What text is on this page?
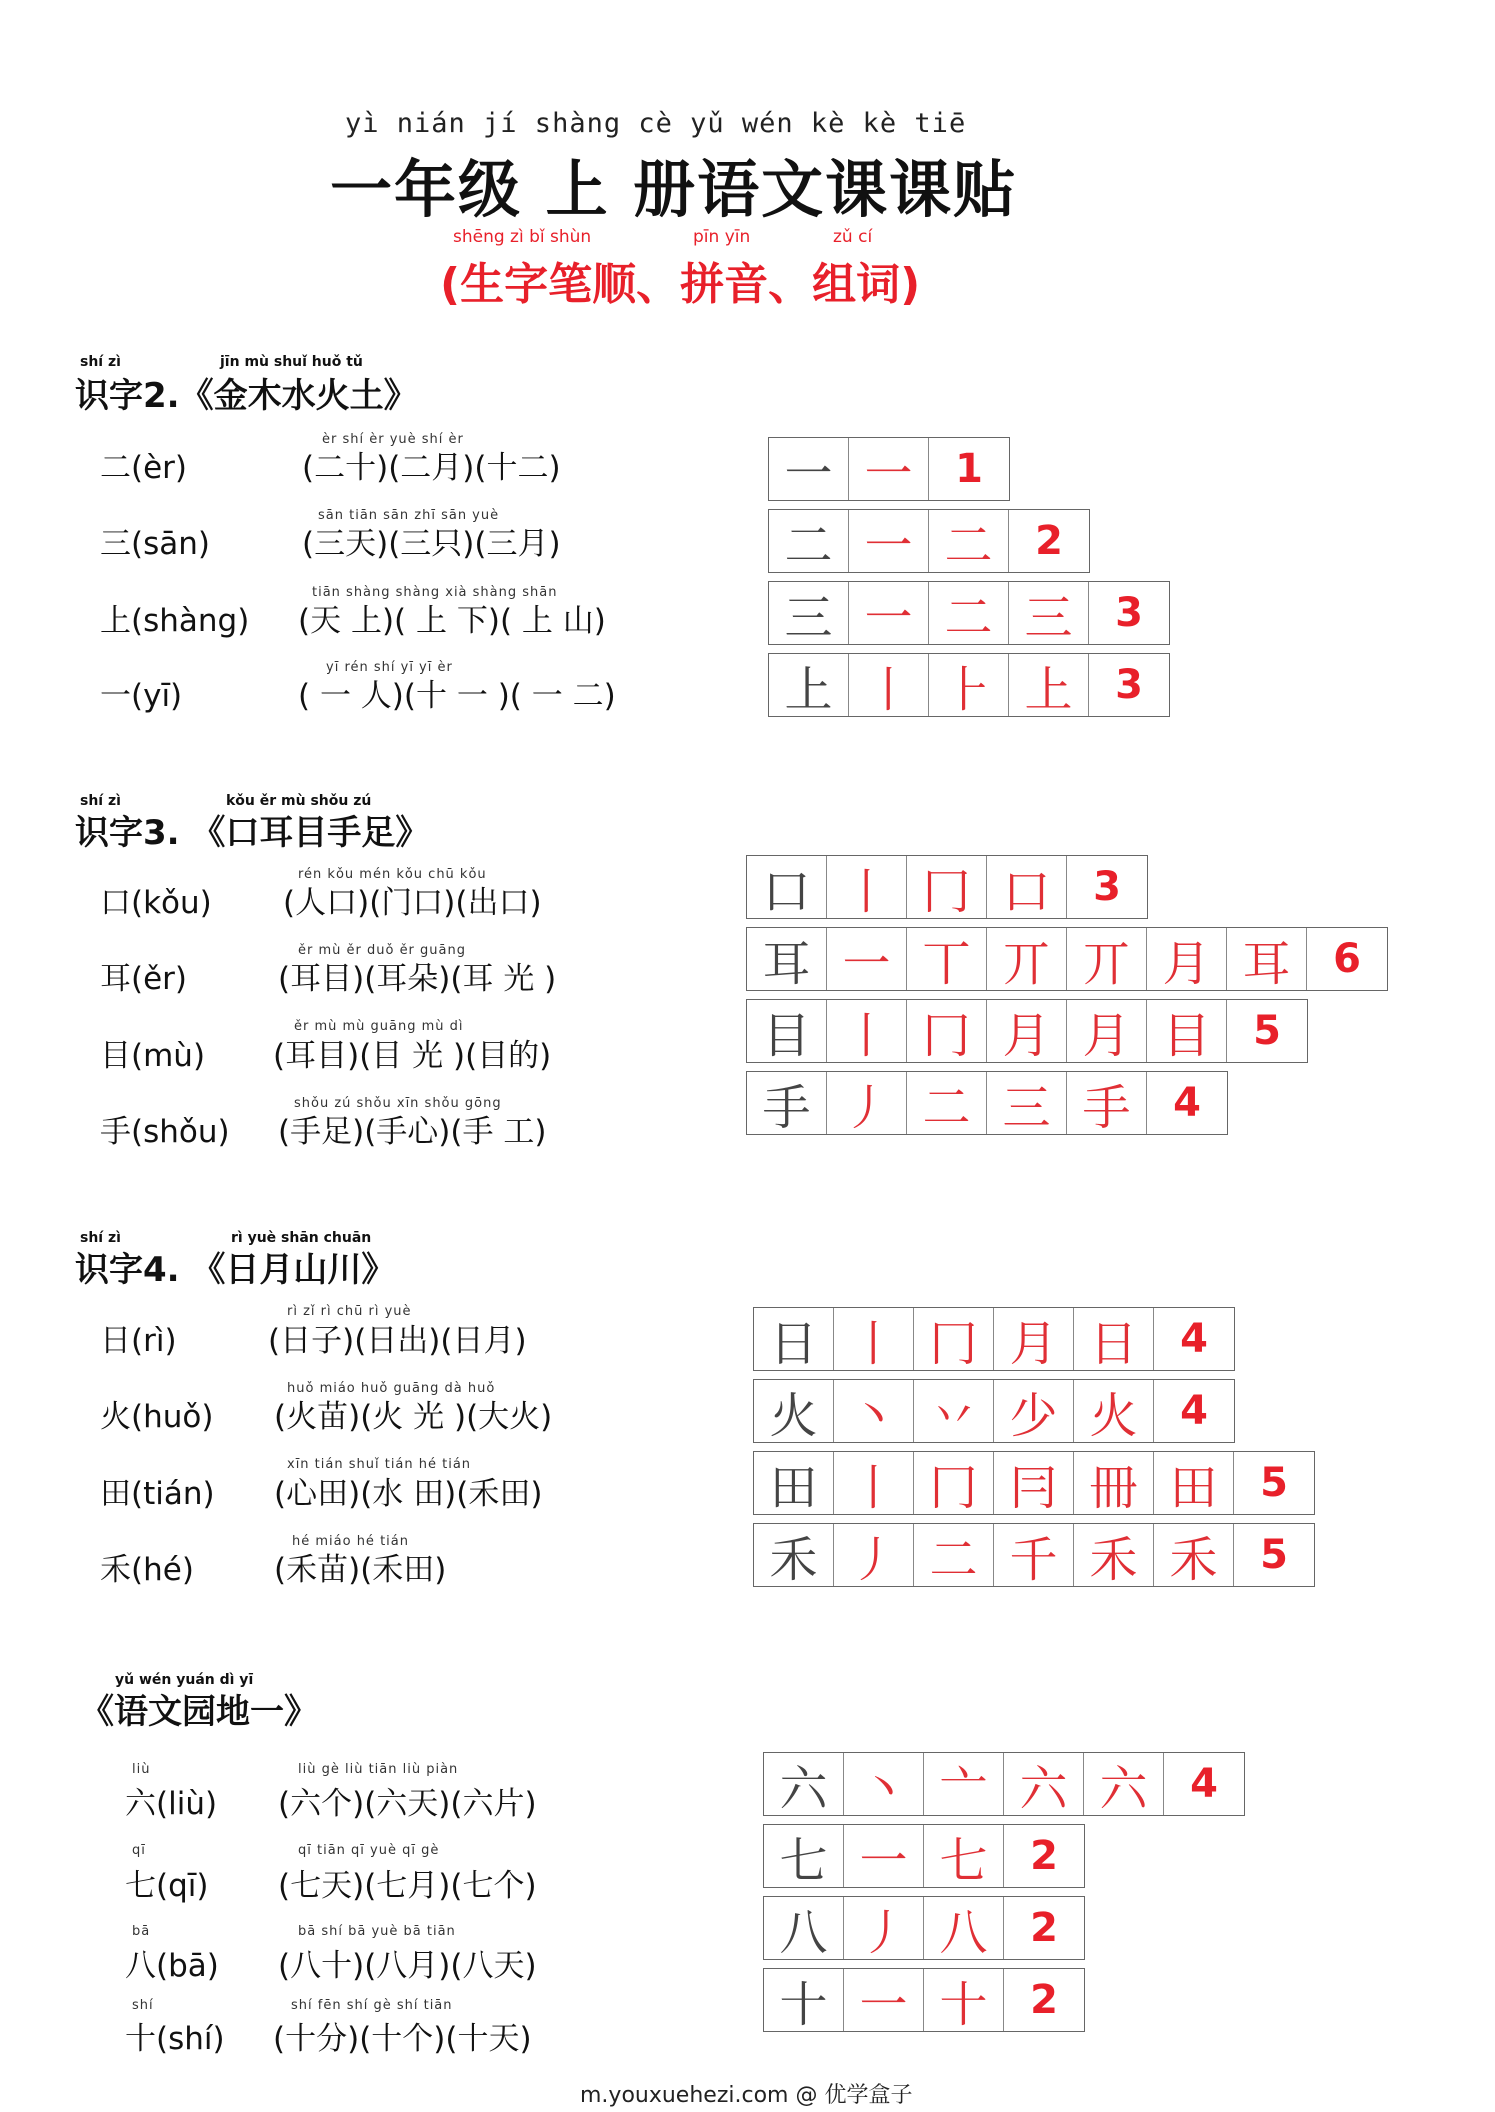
yì nián jí shàng cè yǔ wén kè kè tiē
一年级 上 册语文课课贴
shēng zì bǐ shùn	pīn yīn	zǔ cí
(生字笔顺、拼音、组词)
shí zì	jīn mù shuǐ huǒ tǔ
识字2.《金木水火土》
èr shí èr yuè shí èr
二(èr)	(二十)(二月)(十二)
sān tiān sān zhī sān yuè
三(sān)	(三天)(三只)(三月)
tiān shàng shàng xià shàng shān
上(shàng) (天 上)( 上 下)( 上 山)
yī rén shí yī yī èr
一(yī)	( 一 人)(十 一 )( 一 二)
一 一	1
二 一 二	2
三 一 二 三	3
上 丨 ⺊ 上	3
shí zì	kǒu ěr mù shǒu zú
识字3. 《口耳目手足》
rén kǒu mén kǒu chū kǒu
口(kǒu) (人口)(门口)(出口)
ěr mù ěr duǒ ěr guāng
耳(ěr)	(耳目)(耳朵)(耳 光 )
ěr mù mù guāng mù dì
目(mù) (耳目)(目 光 )(目的)
shǒu zú shǒu xīn shǒu gōng
手(shǒu) (手足)(手心)(手 工)
口 丨 冂 口	3
耳 一 丅 丌 丌 月 耳	6
目 丨 冂 月 月 目	5
手 丿 二 三 手	4
shí zì	rì yuè shān chuān
识字4. 《日月山川》
rì zǐ rì chū rì yuè
日(rì)	(日子)(日出)(日月)
huǒ miáo huǒ guāng dà huǒ
火(huǒ) (火苗)(火 光 )(大火)
xīn tián shuǐ tián hé tián
田(tián) (心田)(水 田)(禾田)
hé miáo hé tián
禾(hé)	(禾苗)(禾田)
日 丨 冂 月 日	4
火 丶 丷 少 火	4
田 丨 冂 冃 冊 田	5
禾 丿 二 千 禾 禾	5
yǔ wén yuán dì yī
《语文园地一》
liù	liù gè liù tiān liù piàn
六(liù) (六个)(六天)(六片)
qī	qī tiān qī yuè qī gè
七(qī) (七天)(七月)(七个)
bā	bā shí bā yuè bā tiān
八(bā) (八十)(八月)(八天)
shí	shí fēn shí gè shí tiān
十(shí) (十分)(十个)(十天)
六 丶 亠 六 六	4
七 一 七	2
八 丿 八	2
十 一 十	2
m.youxuehezi.com @ 优学盒子
